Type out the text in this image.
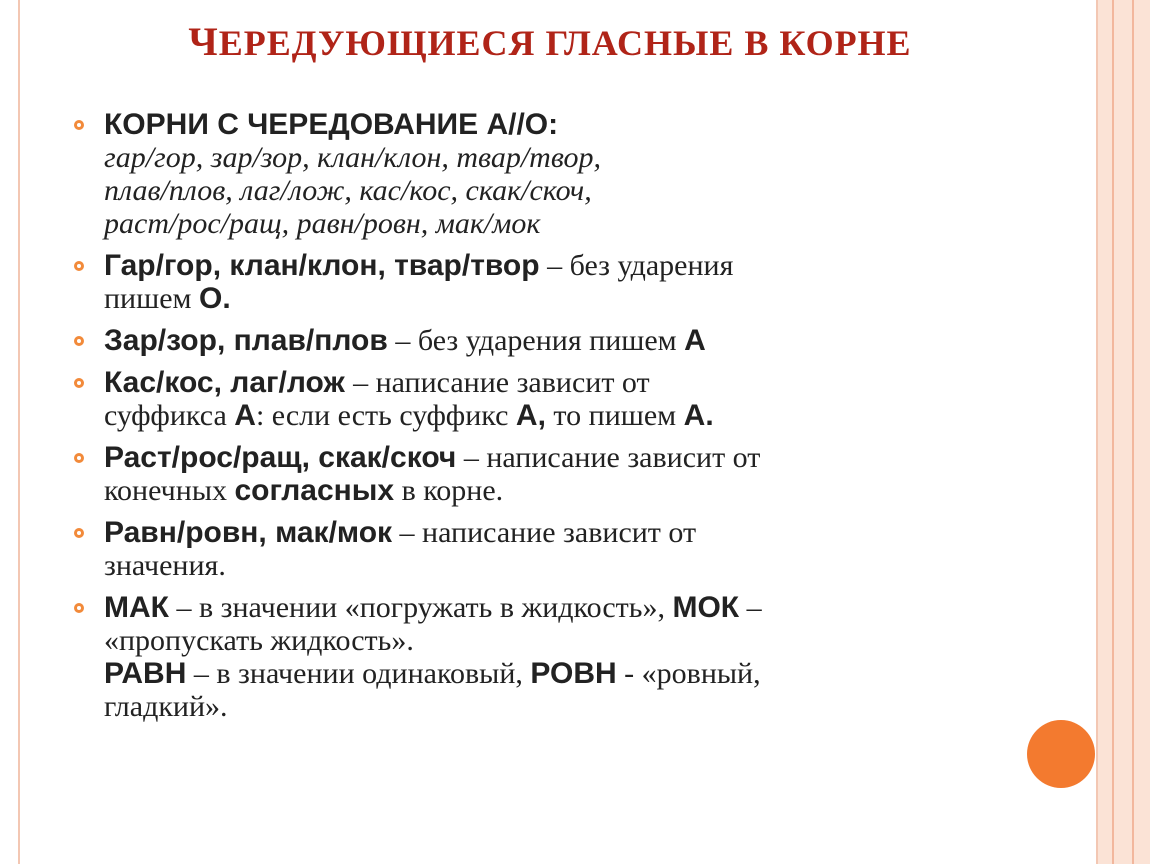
ЧЕРЕДУЮЩИЕСЯ ГЛАСНЫЕ В КОРНЕ
КОРНИ С ЧЕРЕДОВАНИЕ А//О:
гар/гор, зар/зор, клан/клон, твар/твор,
плав/плов, лаг/лож, кас/кос, скак/скоч,
раст/рос/ращ, равн/ровн, мак/мок
Гар/гор, клан/клон, твар/твор – без ударения
пишем О.
Зар/зор, плав/плов – без ударения пишем А
Кас/кос, лаг/лож – написание зависит от
суффикса А: если есть суффикс А, то пишем А.
Раст/рос/ращ, скак/скоч – написание зависит от
конечных согласных в корне.
Равн/ровн, мак/мок – написание зависит от
значения.
МАК – в значении «погружать в жидкость», МОК –
«пропускать жидкость».
РАВН – в значении одинаковый, РОВН - «ровный,
гладкий».
